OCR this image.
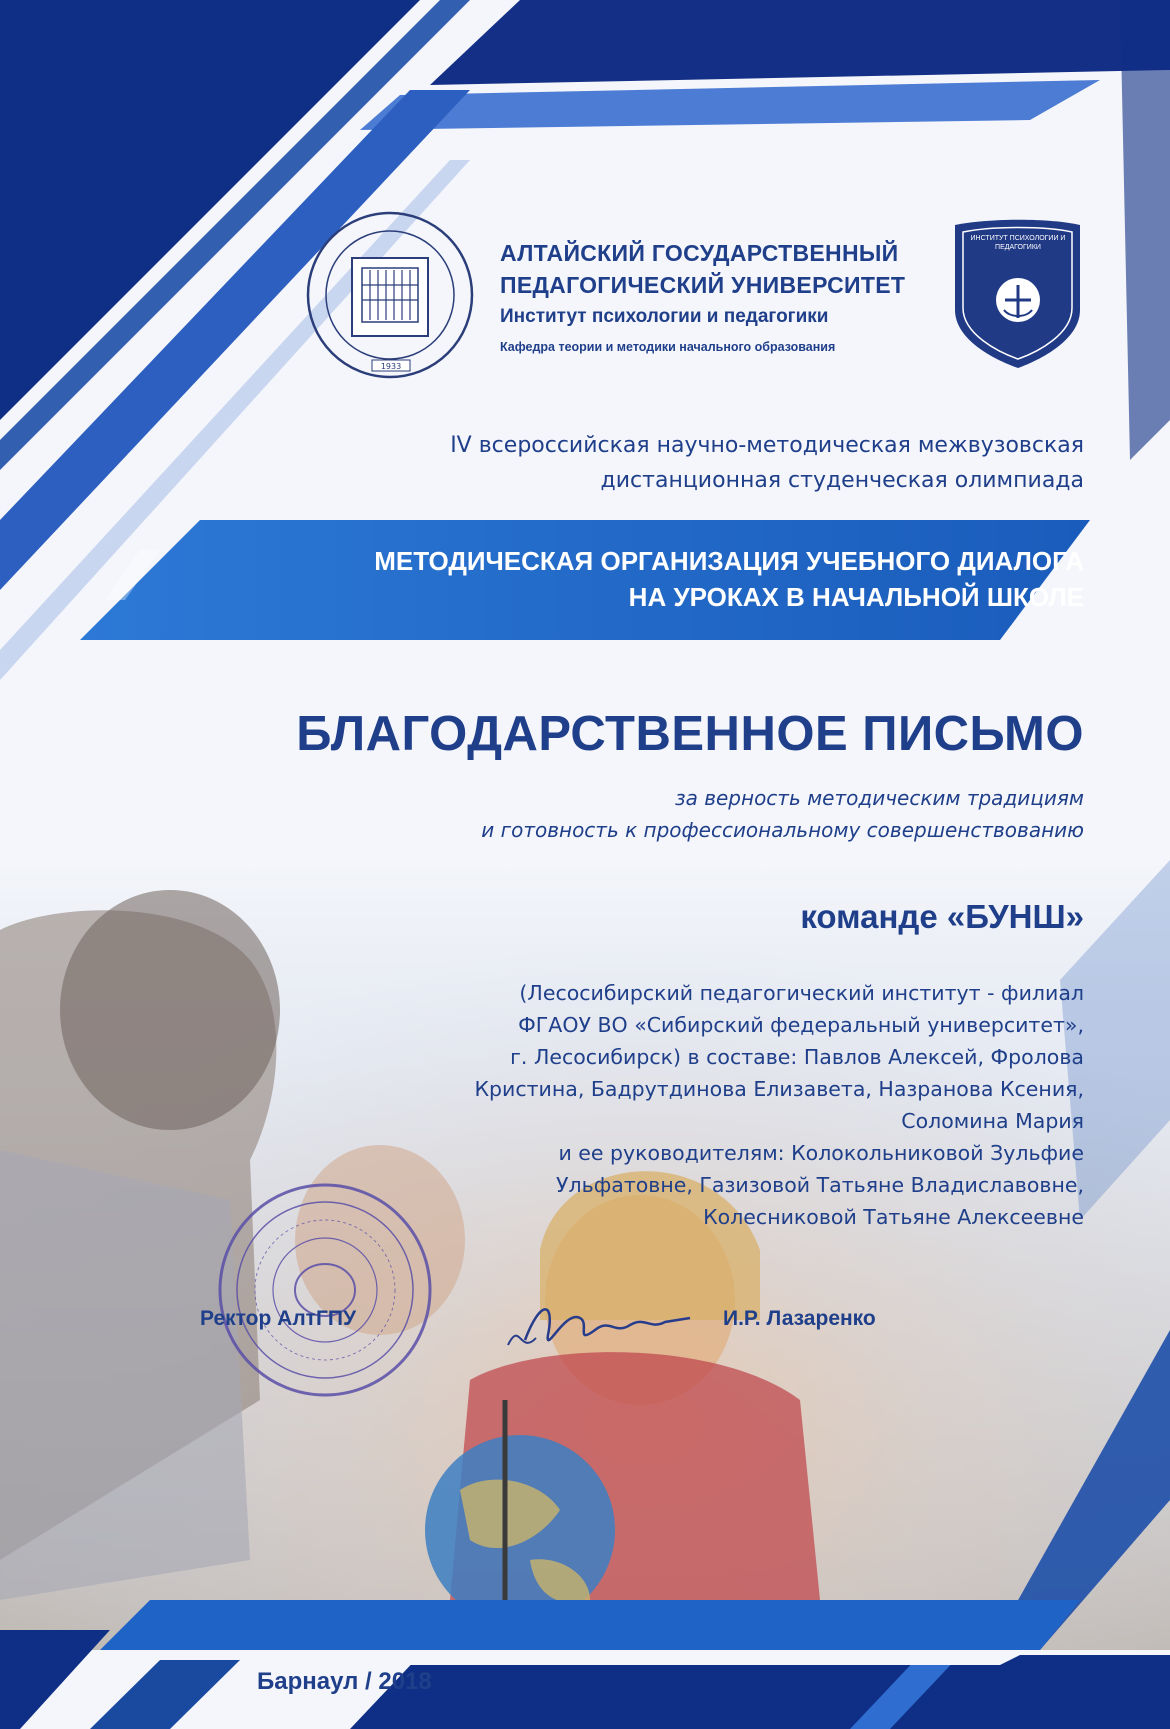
1933
ИНСТИТУТ ПСИХОЛОГИИ И ПЕДАГОГИКИ
АЛТАЙСКИЙ ГОСУДАРСТВЕННЫЙ
ПЕДАГОГИЧЕСКИЙ УНИВЕРСИТЕТ
Институт психологии и педагогики
Кафедра теории и методики начального образования
IV всероссийская научно-методическая межвузовская
дистанционная студенческая олимпиада
МЕТОДИЧЕСКАЯ ОРГАНИЗАЦИЯ УЧЕБНОГО ДИАЛОГА
НА УРОКАХ В НАЧАЛЬНОЙ ШКОЛЕ
БЛАГОДАРСТВЕННОЕ ПИСЬМО
за верность методическим традициям
и готовность к профессиональному совершенствованию
команде «БУНШ»
(Лесосибирский педагогический институт - филиал
ФГАОУ ВО «Сибирский федеральный университет»,
г. Лесосибирск) в составе: Павлов Алексей, Фролова
Кристина, Бадрутдинова Елизавета, Назранова Ксения,
Соломина Мария
и ее руководителям: Колокольниковой Зульфие
Ульфатовне, Газизовой Татьяне Владиславовне,
Колесниковой Татьяне Алексеевне
Ректор АлтГПУ	И.Р. Лазаренко
Барнаул / 2018
